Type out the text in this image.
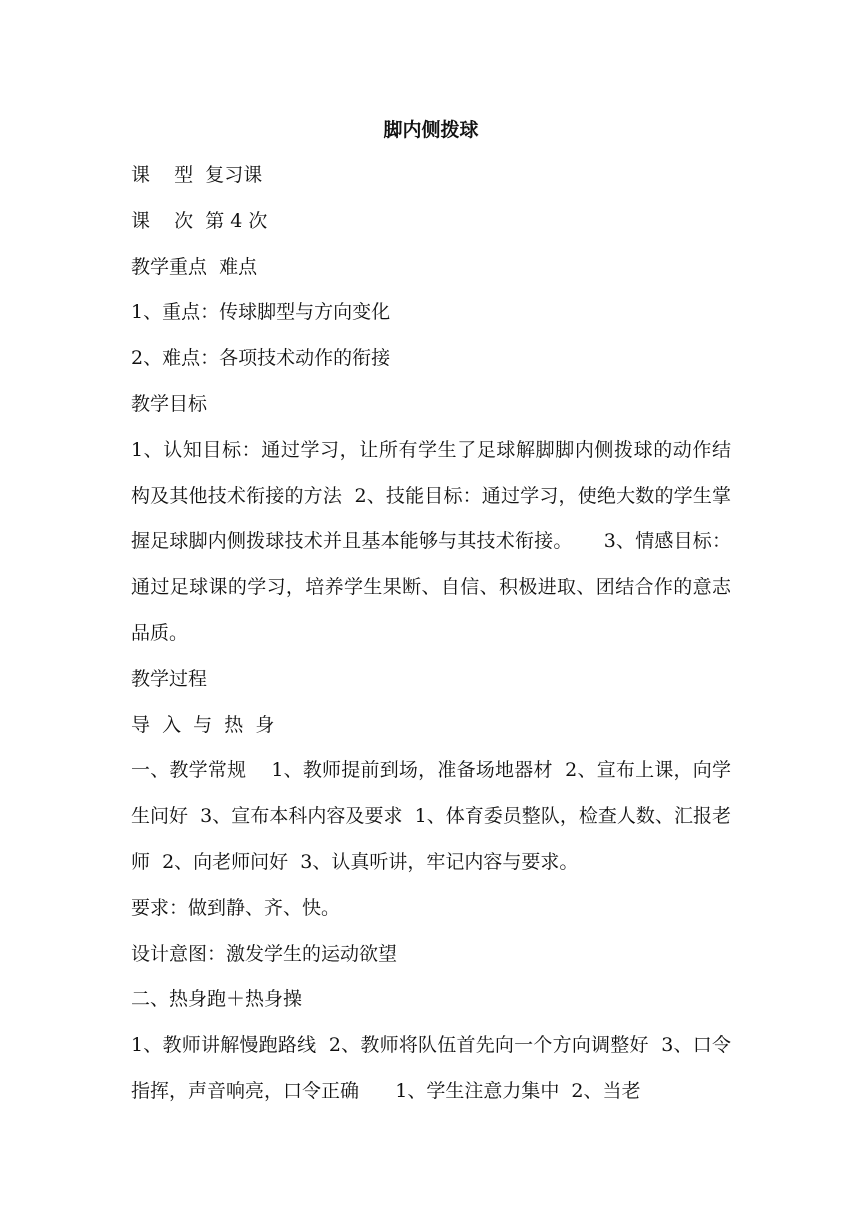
脚内侧拨球

课    型  复习课

课    次  第 4 次

教学重点  难点

1、重点：传球脚型与方向变化

2、难点：各项技术动作的衔接

教学目标

1、认知目标：通过学习，让所有学生了足球解脚脚内侧拨球的动作结构及其他技术衔接的方法  2、技能目标：通过学习，使绝大数的学生掌握足球脚内侧拨球技术并且基本能够与其技术衔接。     3、情感目标：通过足球课的学习，培养学生果断、自信、积极进取、团结合作的意志品质。

教学过程

导  入  与  热  身

一、教学常规    1、教师提前到场，准备场地器材  2、宣布上课，向学生问好  3、宣布本科内容及要求  1、体育委员整队，检查人数、汇报老师  2、向老师问好  3、认真听讲，牢记内容与要求。

要求：做到静、齐、快。

设计意图：激发学生的运动欲望

二、热身跑＋热身操

1、教师讲解慢跑路线  2、教师将队伍首先向一个方向调整好  3、口令指挥，声音响亮，口令正确      1、学生注意力集中  2、当老
